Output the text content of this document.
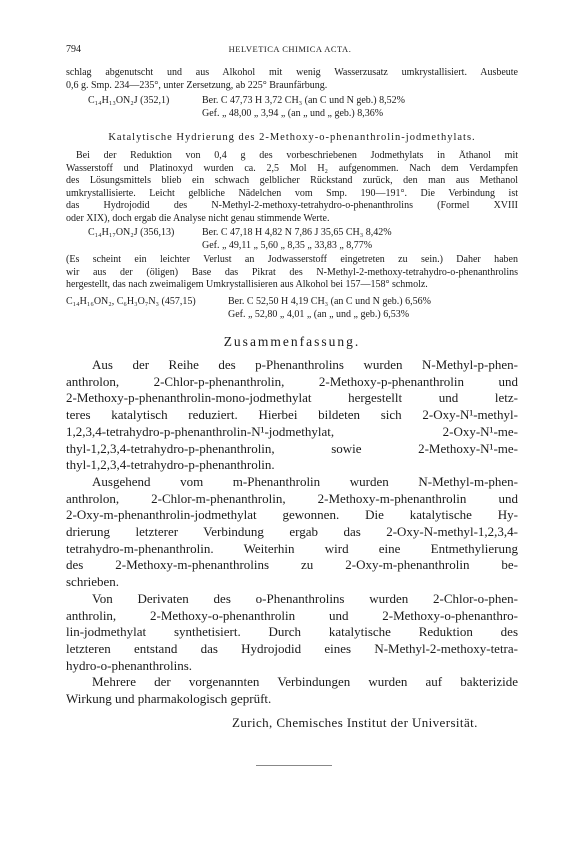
794	HELVETICA CHIMICA ACTA.
schlag abgenutscht und aus Alkohol mit wenig Wasserzusatz umkrystallisiert. Ausbeute
0,6 g. Smp. 234—235°, unter Zersetzung, ab 225° Braunfärbung.
C₁₄H₁₃ON₂J (352,1)	Ber. C 47,73 H 3,72 CH₃ (an C und N geb.) 8,52%
Gef. „ 48,00 „ 3,94 „ (an „ und „ geb.) 8,36%
Katalytische Hydrierung des 2-Methoxy-o-phenanthrolin-jodmethylats.
Bei der Reduktion von 0,4 g des vorbeschriebenen Jodmethylats in Äthanol mit
Wasserstoff und Platinoxyd wurden ca. 2,5 Mol H₂ aufgenommen. Nach dem Verdampfen
des Lösungsmittels blieb ein schwach gelblicher Rückstand zurück, den man aus Methanol
umkrystallisierte. Leicht gelbliche Nädelchen vom Smp. 190—191°. Die Verbindung ist
das Hydrojodid des N-Methyl-2-methoxy-tetrahydro-o-phenanthrolins (Formel XVIII
oder XIX), doch ergab die Analyse nicht genau stimmende Werte.
C₁₄H₁₇ON₂J (356,13)	Ber. C 47,18 H 4,82 N 7,86 J 35,65 CH₃ 8,42%
Gef. „ 49,11 „ 5,60 „ 8,35 „ 33,83 „ 8,77%
(Es scheint ein leichter Verlust an Jodwasserstoff eingetreten zu sein.) Daher haben
wir aus der (öligen) Base das Pikrat des N-Methyl-2-methoxy-tetrahydro-o-phenanthrolins
hergestellt, das nach zweimaligem Umkrystallisieren aus Alkohol bei 157—158° schmolz.
C₁₄H₁₆ON₂, C₆H₃O₇N₃ (457,15)	Ber. C 52,50 H 4,19 CH₃ (an C und N geb.) 6,56%
Gef. „ 52,80 „ 4,01 „ (an „ und „ geb.) 6,53%
Zusammenfassung.
Aus der Reihe des p-Phenanthrolins wurden N-Methyl-p-phen-
anthrolon, 2-Chlor-p-phenanthrolin, 2-Methoxy-p-phenanthrolin und
2-Methoxy-p-phenanthrolin-mono-jodmethylat hergestellt und letz-
teres katalytisch reduziert. Hierbei bildeten sich 2-Oxy-N¹-methyl-
1,2,3,4-tetrahydro-p-phenanthrolin-N¹-jodmethylat, 2-Oxy-N¹-me-
thyl-1,2,3,4-tetrahydro-p-phenanthrolin, sowie 2-Methoxy-N¹-me-
thyl-1,2,3,4-tetrahydro-p-phenanthrolin.
Ausgehend vom m-Phenanthrolin wurden N-Methyl-m-phen-
anthrolon, 2-Chlor-m-phenanthrolin, 2-Methoxy-m-phenanthrolin und
2-Oxy-m-phenanthrolin-jodmethylat gewonnen. Die katalytische Hy-
drierung letzterer Verbindung ergab das 2-Oxy-N-methyl-1,2,3,4-
tetrahydro-m-phenanthrolin. Weiterhin wird eine Entmethylierung
des 2-Methoxy-m-phenanthrolins zu 2-Oxy-m-phenanthrolin be-
schrieben.
Von Derivaten des o-Phenanthrolins wurden 2-Chlor-o-phen-
anthrolin, 2-Methoxy-o-phenanthrolin und 2-Methoxy-o-phenanthro-
lin-jodmethylat synthetisiert. Durch katalytische Reduktion des
letzteren entstand das Hydrojodid eines N-Methyl-2-methoxy-tetra-
hydro-o-phenanthrolins.
Mehrere der vorgenannten Verbindungen wurden auf bakterizide
Wirkung und pharmakologisch geprüft.
Zurich, Chemisches Institut der Universität.
